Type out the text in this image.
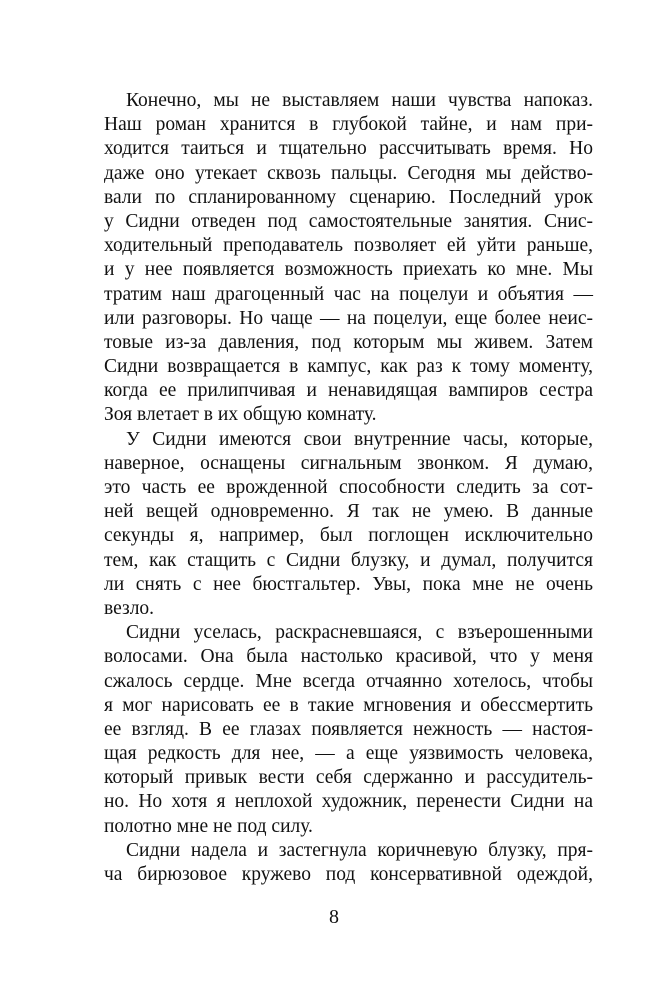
Конечно, мы не выставляем наши чувства напоказ.
Наш роман хранится в глубокой тайне, и нам при-
ходится таиться и тщательно рассчитывать время. Но
даже оно утекает сквозь пальцы. Сегодня мы действо-
вали по спланированному сценарию. Последний урок
у Сидни отведен под самостоятельные занятия. Снис-
ходительный преподаватель позволяет ей уйти раньше,
и у нее появляется возможность приехать ко мне. Мы
тратим наш драгоценный час на поцелуи и объятия —
или разговоры. Но чаще — на поцелуи, еще более неис-
товые из-за давления, под которым мы живем. Затем
Сидни возвращается в кампус, как раз к тому моменту,
когда ее прилипчивая и ненавидящая вампиров сестра
Зоя влетает в их общую комнату.
У Сидни имеются свои внутренние часы, которые,
наверное, оснащены сигнальным звонком. Я думаю,
это часть ее врожденной способности следить за сот-
ней вещей одновременно. Я так не умею. В данные
секунды я, например, был поглощен исключительно
тем, как стащить с Сидни блузку, и думал, получится
ли снять с нее бюстгальтер. Увы, пока мне не очень
везло.
Сидни уселась, раскрасневшаяся, с взъерошенными
волосами. Она была настолько красивой, что у меня
сжалось сердце. Мне всегда отчаянно хотелось, чтобы
я мог нарисовать ее в такие мгновения и обессмертить
ее взгляд. В ее глазах появляется нежность — настоя-
щая редкость для нее, — а еще уязвимость человека,
который привык вести себя сдержанно и рассудитель-
но. Но хотя я неплохой художник, перенести Сидни на
полотно мне не под силу.
Сидни надела и застегнула коричневую блузку, пря-
ча бирюзовое кружево под консервативной одеждой,
8
